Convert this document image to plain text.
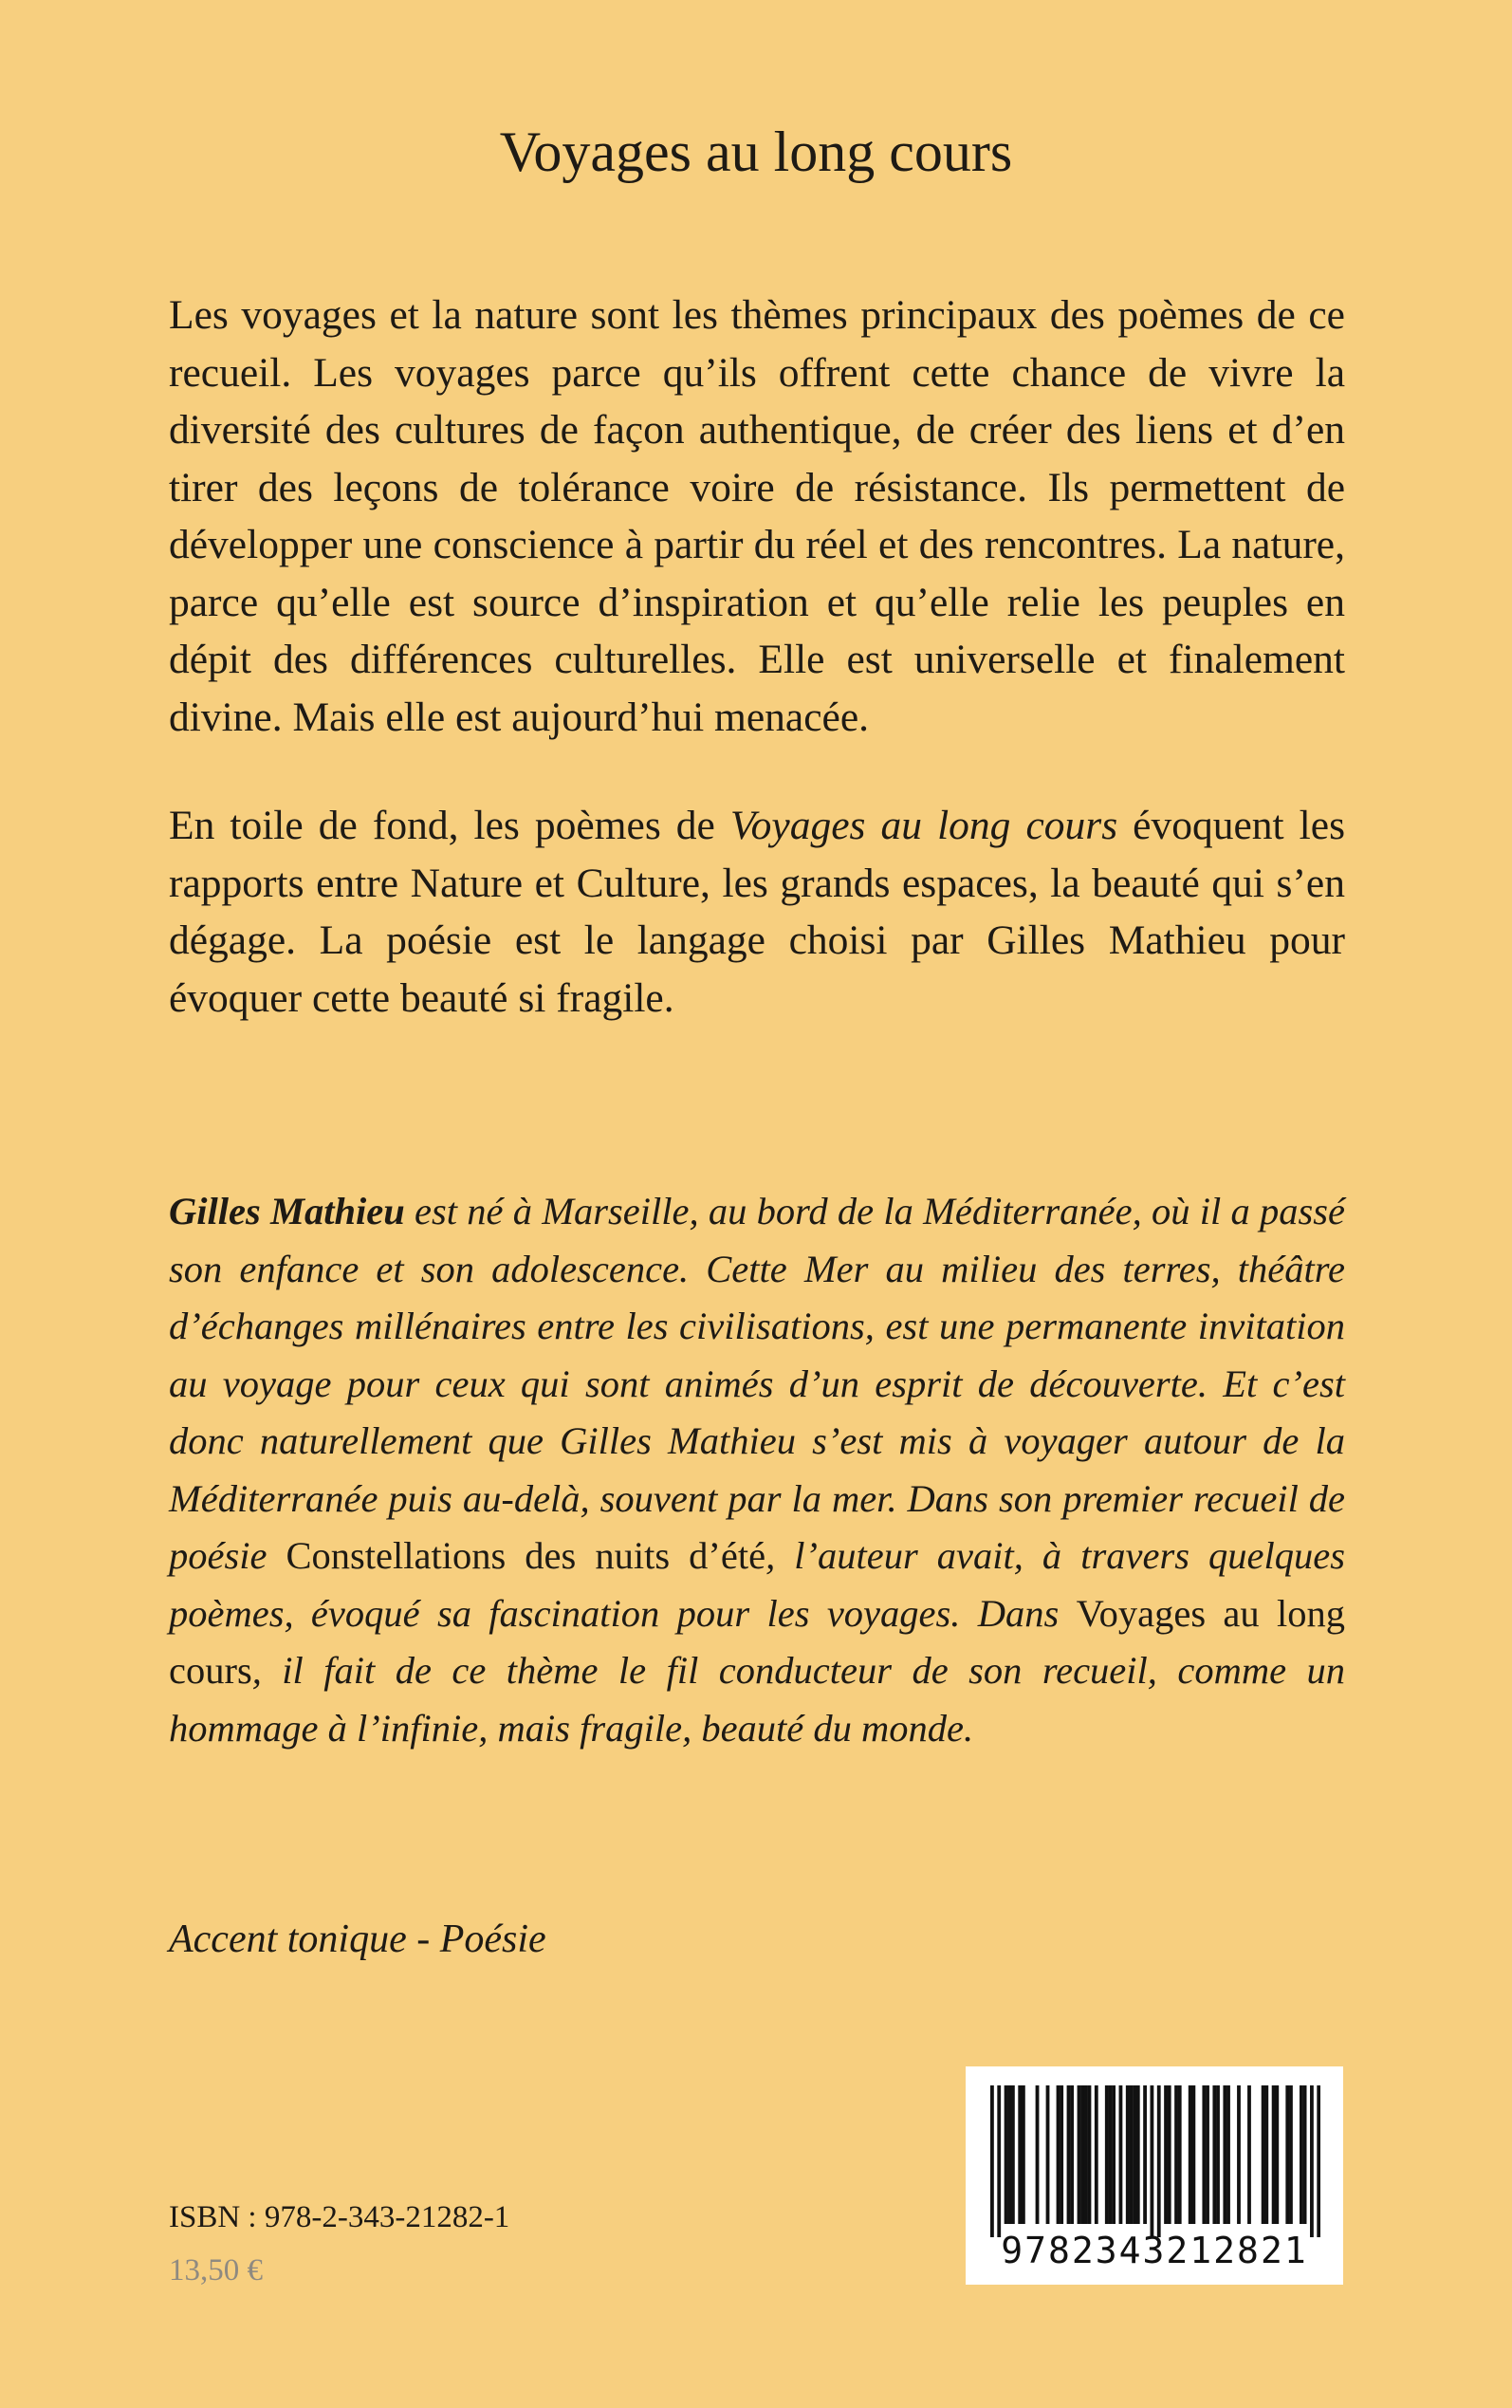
Voyages au long cours

Les voyages et la nature sont les thèmes principaux des poèmes de ce recueil. Les voyages parce qu’ils offrent cette chance de vivre la diversité des cultures de façon authentique, de créer des liens et d’en tirer des leçons de tolérance voire de résistance. Ils permettent de développer une conscience à partir du réel et des rencontres. La nature, parce qu’elle est source d’inspiration et qu’elle relie les peuples en dépit des différences culturelles. Elle est universelle et finalement divine. Mais elle est aujourd’hui menacée.

En toile de fond, les poèmes de Voyages au long cours évoquent les rapports entre Nature et Culture, les grands espaces, la beauté qui s’en dégage. La poésie est le langage choisi par Gilles Mathieu pour évoquer cette beauté si fragile.

Gilles Mathieu est né à Marseille, au bord de la Méditerranée, où il a passé son enfance et son adolescence. Cette Mer au milieu des terres, théâtre d’échanges millénaires entre les civilisations, est une permanente invitation au voyage pour ceux qui sont animés d’un esprit de découverte. Et c’est donc naturellement que Gilles Mathieu s’est mis à voyager autour de la Méditerranée puis au-delà, souvent par la mer. Dans son premier recueil de poésie Constellations des nuits d’été, l’auteur avait, à travers quelques poèmes, évoqué sa fascination pour les voyages. Dans Voyages au long cours, il fait de ce thème le fil conducteur de son recueil, comme un hommage à l’infinie, mais fragile, beauté du monde.

Accent tonique - Poésie
ISBN : 978-2-343-21282-1
13,50 €	9782343212821
